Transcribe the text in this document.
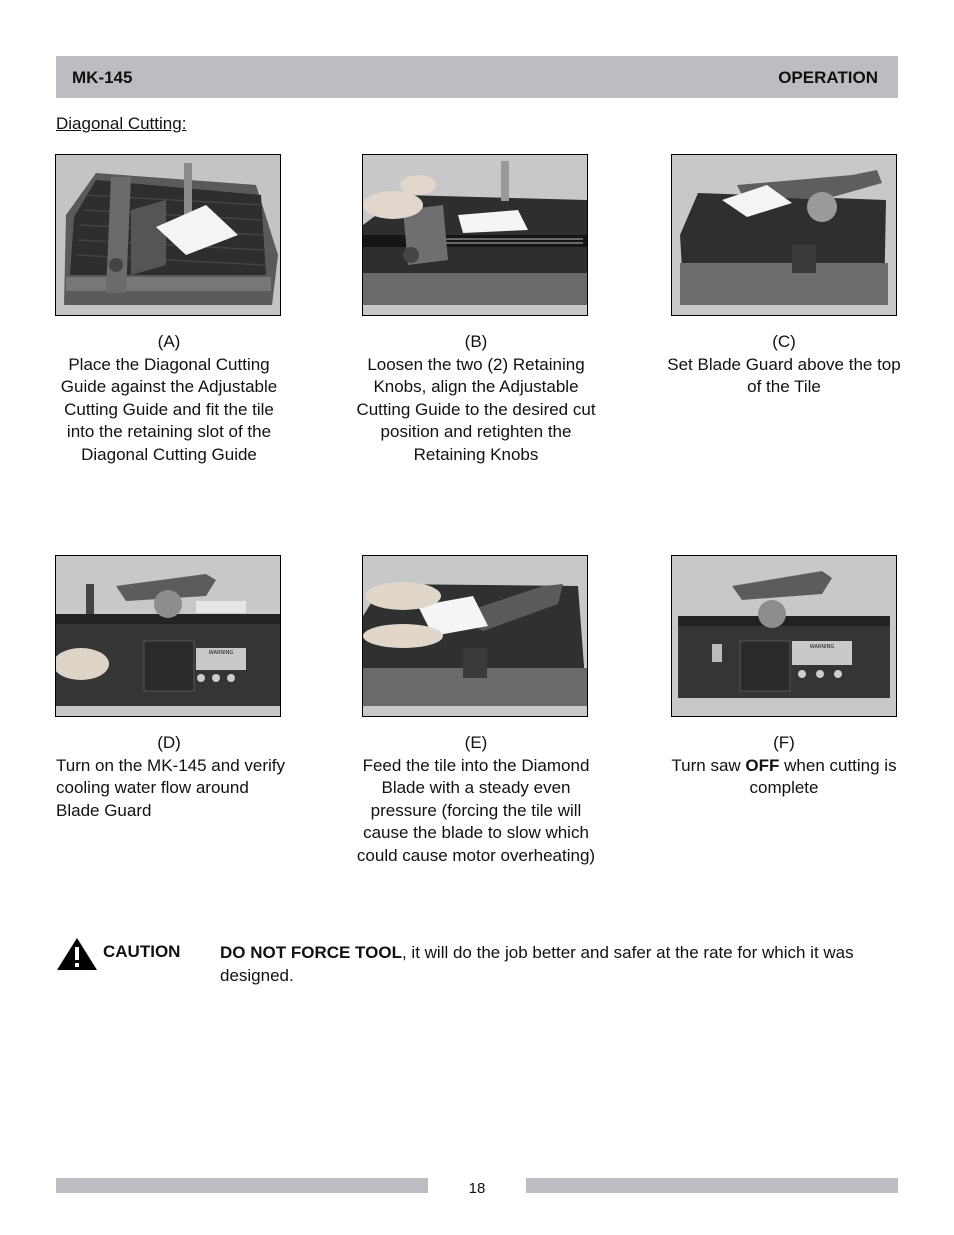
MK-145	OPERATION
Diagonal Cutting:
(A)
Place the Diagonal Cutting Guide against the Adjustable Cutting Guide and fit the tile into the retaining slot of the Diagonal Cutting Guide
(B)
Loosen the two (2) Retaining Knobs, align the Adjustable Cutting Guide to the desired cut position and retighten the Retaining Knobs
(C)
Set Blade Guard above the top of the Tile
WARNING
WARNING
(D)
Turn on the MK-145 and verify cooling water flow around Blade Guard
(E)
Feed the tile into the Diamond Blade with a steady even pressure (forcing the tile will cause the blade to slow which could cause motor overheating)
(F)
Turn saw OFF when cutting is complete
CAUTION DO NOT FORCE TOOL, it will do the job better and safer at the rate for which it was designed.
18
